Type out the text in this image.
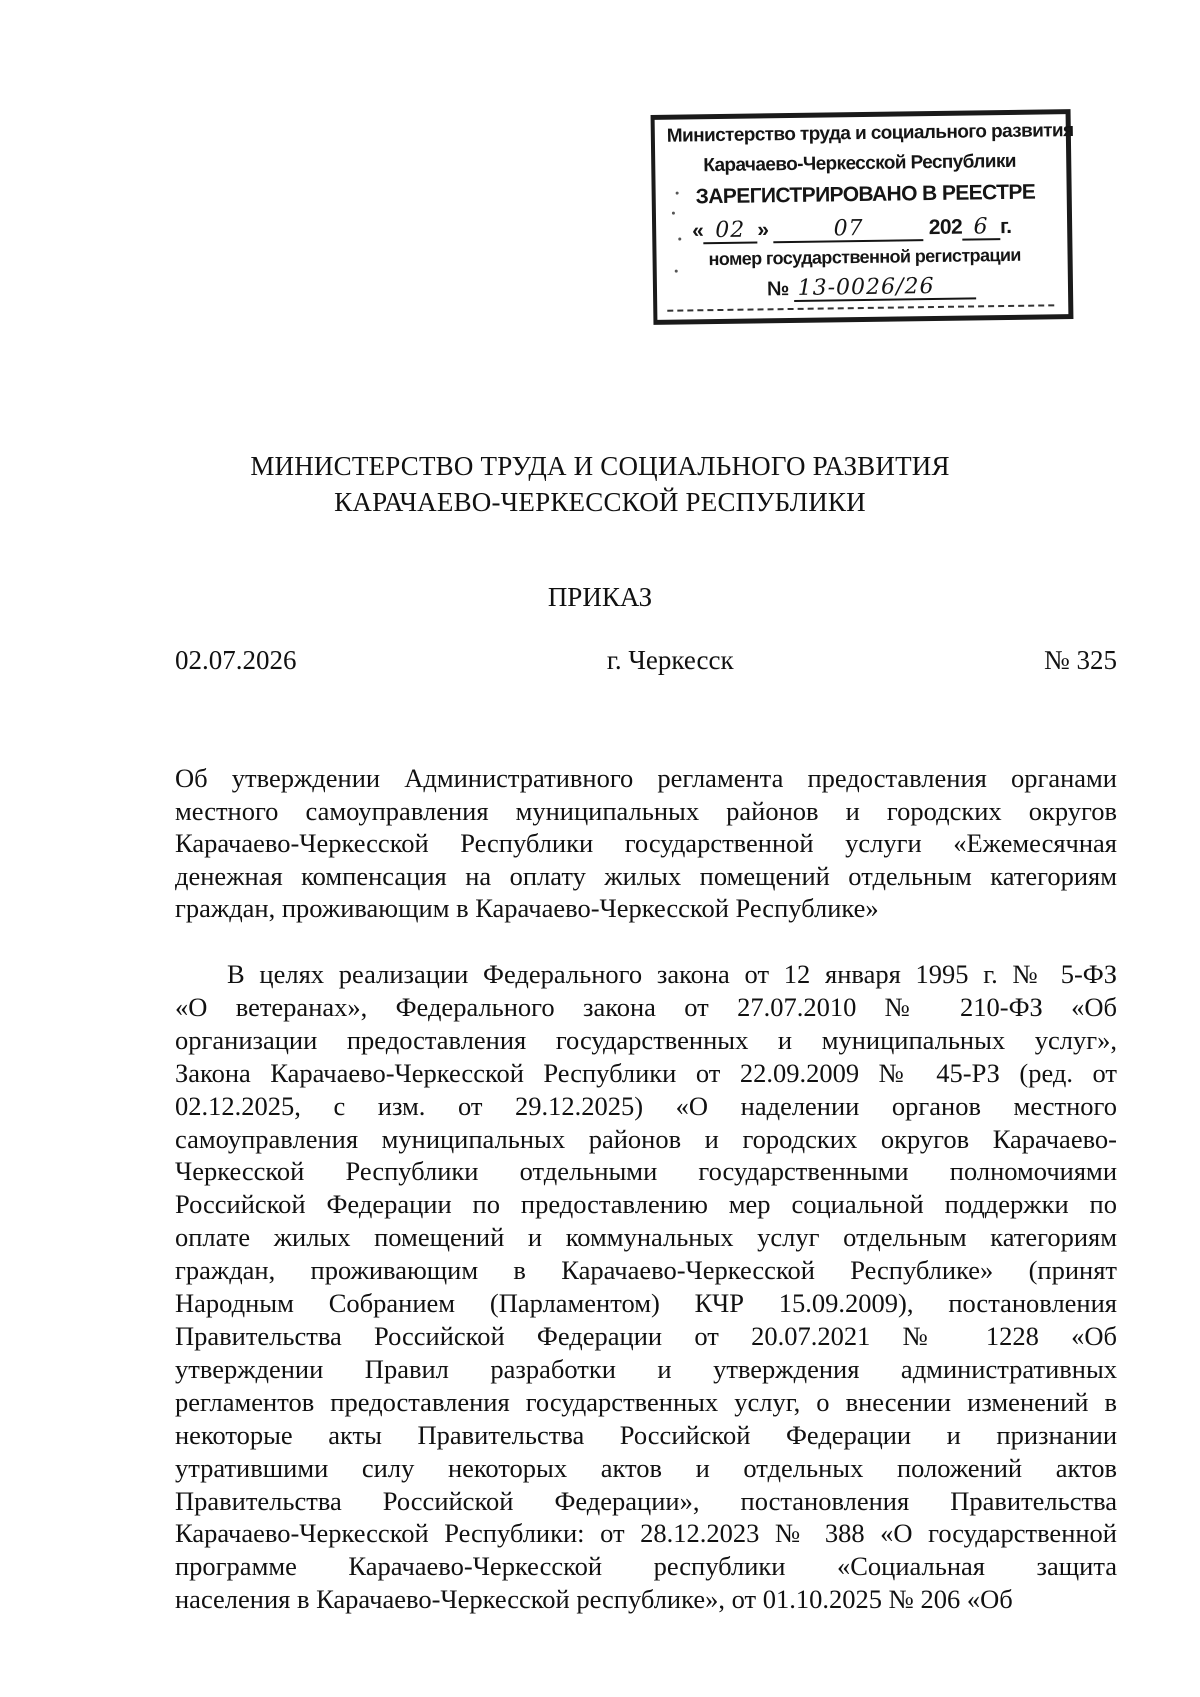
Министерство труда и социального развития
Карачаево-Черкесской Республики
ЗАРЕГИСТРИРОВАНО В РЕЕСТРЕ
« 02 »	07	202 6 г.
номер государственной регистрации
№ 13-0026/26
МИНИСТЕРСТВО ТРУДА И СОЦИАЛЬНОГО РАЗВИТИЯ
КАРАЧАЕВО-ЧЕРКЕССКОЙ РЕСПУБЛИКИ
ПРИКАЗ
02.07.2026	г. Черкесск	№ 325
Об утверждении Административного регламента предоставления органами
местного самоуправления муниципальных районов и городских округов
Карачаево-Черкесской Республики государственной услуги «Ежемесячная
денежная компенсация на оплату жилых помещений отдельным категориям
граждан, проживающим в Карачаево-Черкесской Республике»
В целях реализации Федерального закона от 12 января 1995 г. № 5-ФЗ
«О ветеранах», Федерального закона от 27.07.2010 № 210-ФЗ «Об
организации предоставления государственных и муниципальных услуг»,
Закона Карачаево-Черкесской Республики от 22.09.2009 № 45-РЗ (ред. от
02.12.2025, с изм. от 29.12.2025) «О наделении органов местного
самоуправления муниципальных районов и городских округов Карачаево-
Черкесской Республики отдельными государственными полномочиями
Российской Федерации по предоставлению мер социальной поддержки по
оплате жилых помещений и коммунальных услуг отдельным категориям
граждан, проживающим в Карачаево-Черкесской Республике» (принят
Народным Собранием (Парламентом) КЧР 15.09.2009), постановления
Правительства Российской Федерации от 20.07.2021 № 1228 «Об
утверждении Правил разработки и утверждения административных
регламентов предоставления государственных услуг, о внесении изменений в
некоторые акты Правительства Российской Федерации и признании
утратившими силу некоторых актов и отдельных положений актов
Правительства Российской Федерации», постановления Правительства
Карачаево-Черкесской Республики: от 28.12.2023 № 388 «О государственной
программе Карачаево-Черкесской республики «Социальная защита
населения в Карачаево-Черкесской республике», от 01.10.2025 № 206 «Об
